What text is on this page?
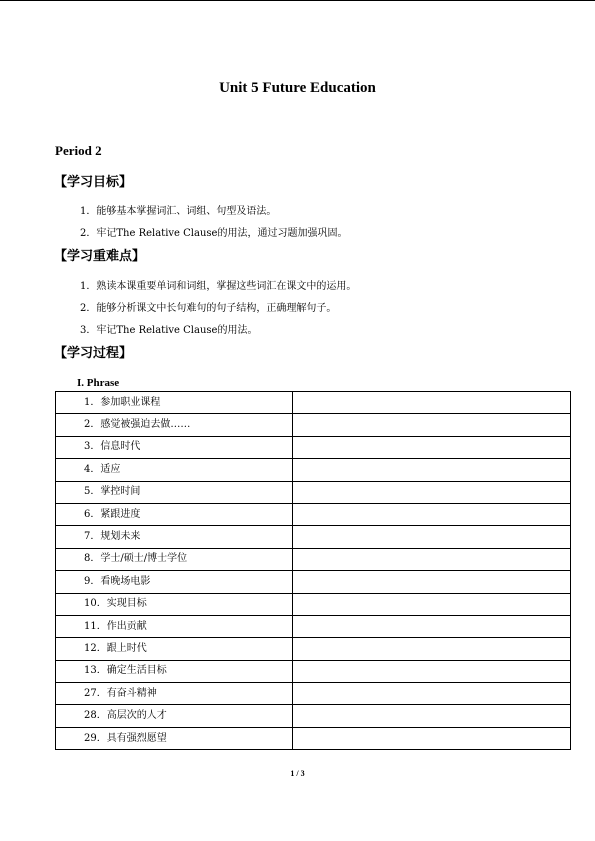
Unit 5 Future Education
Period 2
【学习目标】
1．能够基本掌握词汇、词组、句型及语法。
2．牢记The Relative Clause的用法，通过习题加强巩固。
【学习重难点】
1．熟读本课重要单词和词组，掌握这些词汇在课文中的运用。
2．能够分析课文中长句难句的句子结构，正确理解句子。
3．牢记The Relative Clause的用法。
【学习过程】
I. Phrase
1．参加职业课程	
2．感觉被强迫去做……	
3．信息时代	
4．适应	
5．掌控时间	
6．紧跟进度	
7．规划未来	
8．学士/硕士/博士学位	
9．看晚场电影	
10．实现目标	
11．作出贡献	
12．跟上时代	
13．确定生活目标	
27．有奋斗精神	
28．高层次的人才	
29．具有强烈愿望	
1 / 3
